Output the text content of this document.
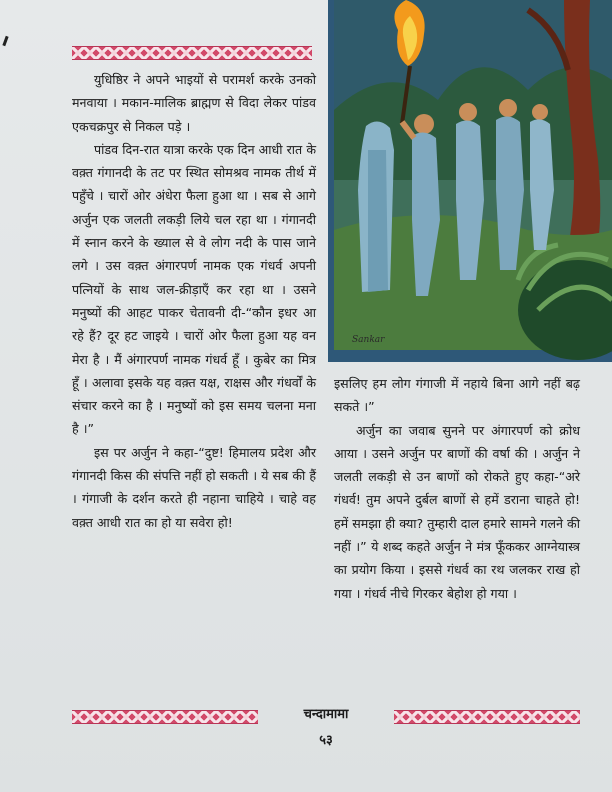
Sankar

युधिष्ठिर ने अपने भाइयों से परामर्श करके उनको मनवाया । मकान-मालिक ब्राह्मण से विदा लेकर पांडव एकचक्रपुर से निकल पड़े ।

पांडव दिन-रात यात्रा करके एक दिन आधी रात के वक़्त गंगानदी के तट पर स्थित सोमश्रव नामक तीर्थ में पहुँचे । चारों ओर अंधेरा फैला हुआ था । सब से आगे अर्जुन एक जलती लकड़ी लिये चल रहा था । गंगानदी में स्नान करने के ख्याल से वे लोग नदी के पास जाने लगे । उस वक़्त अंगारपर्ण नामक एक गंधर्व अपनी पत्नियों के साथ जल-क्रीड़ाएँ कर रहा था । उसने मनुष्यों की आहट पाकर चेतावनी दी-“कौन इधर आ रहे हैं? दूर हट जाइये । चारों ओर फैला हुआ यह वन मेरा है । मैं अंगारपर्ण नामक गंधर्व हूँ । कुबेर का मित्र हूँ । अलावा इसके यह वक़्त यक्ष, राक्षस और गंधर्वों के संचार करने का है । मनुष्यों को इस समय चलना मना है ।”

इस पर अर्जुन ने कहा-“दुष्ट! हिमालय प्रदेश और गंगानदी किस की संपत्ति नहीं हो सकती । ये सब की हैं । गंगाजी के दर्शन करते ही नहाना चाहिये । चाहे वह वक़्त आधी रात का हो या सवेरा हो!

इसलिए हम लोग गंगाजी में नहाये बिना आगे नहीं बढ़ सकते ।”

अर्जुन का जवाब सुनने पर अंगारपर्ण को क्रोध आया । उसने अर्जुन पर बाणों की वर्षा की । अर्जुन ने जलती लकड़ी से उन बाणों को रोकते हुए कहा-“अरे गंधर्व! तुम अपने दुर्बल बाणों से हमें डराना चाहते हो! हमें समझा ही क्या? तुम्हारी दाल हमारे सामने गलने की नहीं ।” ये शब्द कहते अर्जुन ने मंत्र फूँककर आग्नेयास्त्र का प्रयोग किया । इससे गंधर्व का रथ जलकर राख हो गया । गंधर्व नीचे गिरकर बेहोश हो गया ।

चन्दामामा
५३
